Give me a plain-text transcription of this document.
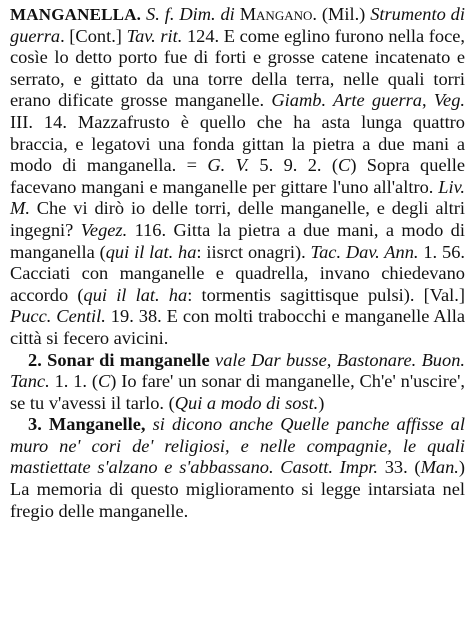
MANGANELLA. S. f. Dim. di Mangano. (Mil.) Strumento di guerra. [Cont.] Tav. rit. 124. E come eglino furono nella foce, cosìe lo detto porto fue di forti e grosse catene incatenato e serrato, e gittato da una torre della terra, nelle quali torri erano dificate grosse manganelle. Giamb. Arte guerra, Veg. III. 14. Mazzafrusto è quello che ha asta lunga quattro braccia, e legatovi una fonda gittan la pietra a due mani a modo di manganella. = G. V. 5. 9. 2. (C) Sopra quelle facevano mangani e manganelle per gittare l'uno all'altro. Liv. M. Che vi dirò io delle torri, delle manganelle, e degli altri ingegni? Vegez. 116. Gitta la pietra a due mani, a modo di manganella (qui il lat. ha: iisrct onagri). Tac. Dav. Ann. 1. 56. Cacciati con manganelle e quadrella, invano chiedevano accordo (qui il lat. ha: tormentis sagittisque pulsi). [Val.] Pucc. Centil. 19. 38. E con molti trabocchi e manganelle Alla città si fecero avicini.

2. Sonar di manganelle vale Dar busse, Bastonare. Buon. Tanc. 1. 1. (C) Io fare' un sonar di manganelle, Ch'e' n'uscire', se tu v'avessi il tarlo. (Qui a modo di sost.)

3. Manganelle, si dicono anche Quelle panche affisse al muro ne' cori de' religiosi, e nelle compagnie, le quali mastiettate s'alzano e s'abbassano. Casott. Impr. 33. (Man.) La memoria di questo miglioramento si legge intarsiata nel fregio delle manganelle.
